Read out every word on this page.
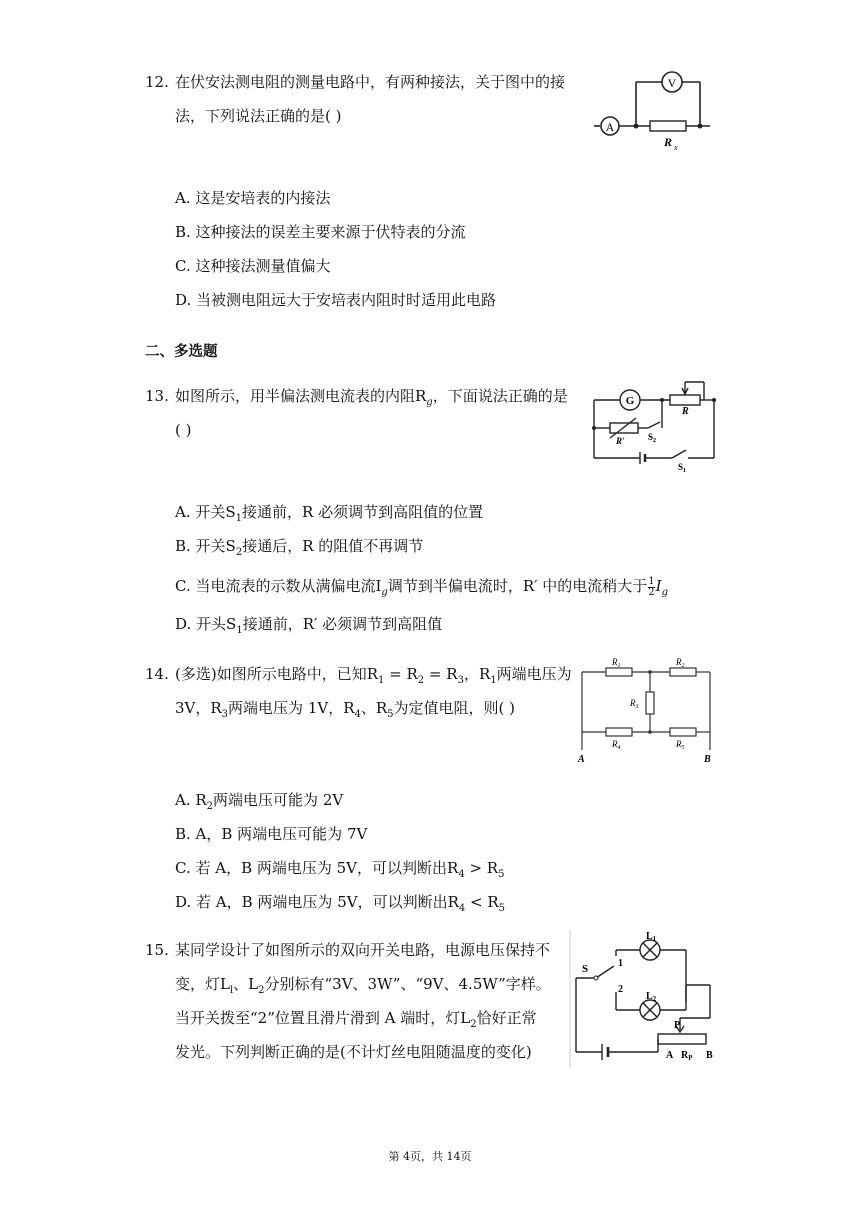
12. 在伏安法测电阻的测量电路中，有两种接法，关于图中的接
法，下列说法正确的是( )
A
V
R x
A. 这是安培表的内接法
B. 这种接法的误差主要来源于伏特表的分流
C. 这种接法测量值偏大
D. 当被测电阻远大于安培表内阻时时适用此电路
二、多选题
13. 如图所示，用半偏法测电流表的内阻$R_g$，下面说法正确的是
( )
G
R
R'	$S_2$
$S_1$
A. 开关$S_1$接通前，R 必须调节到高阻值的位置
B. 开关$S_2$接通后，R 的阻值不再调节
C. 当电流表的示数从满偏电流$I_g$调节到半偏电流时，R′ 中的电流稍大于 $\frac{1}{2} I_g$
D. 开头$S_1$接通前，R′ 必须调节到高阻值
14. (多选)如图所示电路中，已知$R_1 = R_2 = R_3$，$R_1$两端电压为
3V，$R_3$两端电压为 1V，$R_4$、$R_5$为定值电阻，则( )
$R_1$	$R_2$
$R_3$
$R_4$	$R_5$
A	B
A. $R_2$两端电压可能为 2V
B. A，B 两端电压可能为 7V
C. 若 A，B 两端电压为 5V，可以判断出$R_4 > R_5$
D. 若 A，B 两端电压为 5V，可以判断出$R_4 < R_5$
15. 某同学设计了如图所示的双向开关电路，电源电压保持不
变，灯$L_l$、$L_2$分别标有“3V、3W”、“9V、4.5W”字样。
当开关拨至“2”位置且滑片滑到 A 端时，灯$L_2$恰好正常
发光。下列判断正确的是(不计灯丝电阻随温度的变化)
S	1
2
$L_1$
$L_2$
P
A $R_P$ B
第 4页，共 14页
